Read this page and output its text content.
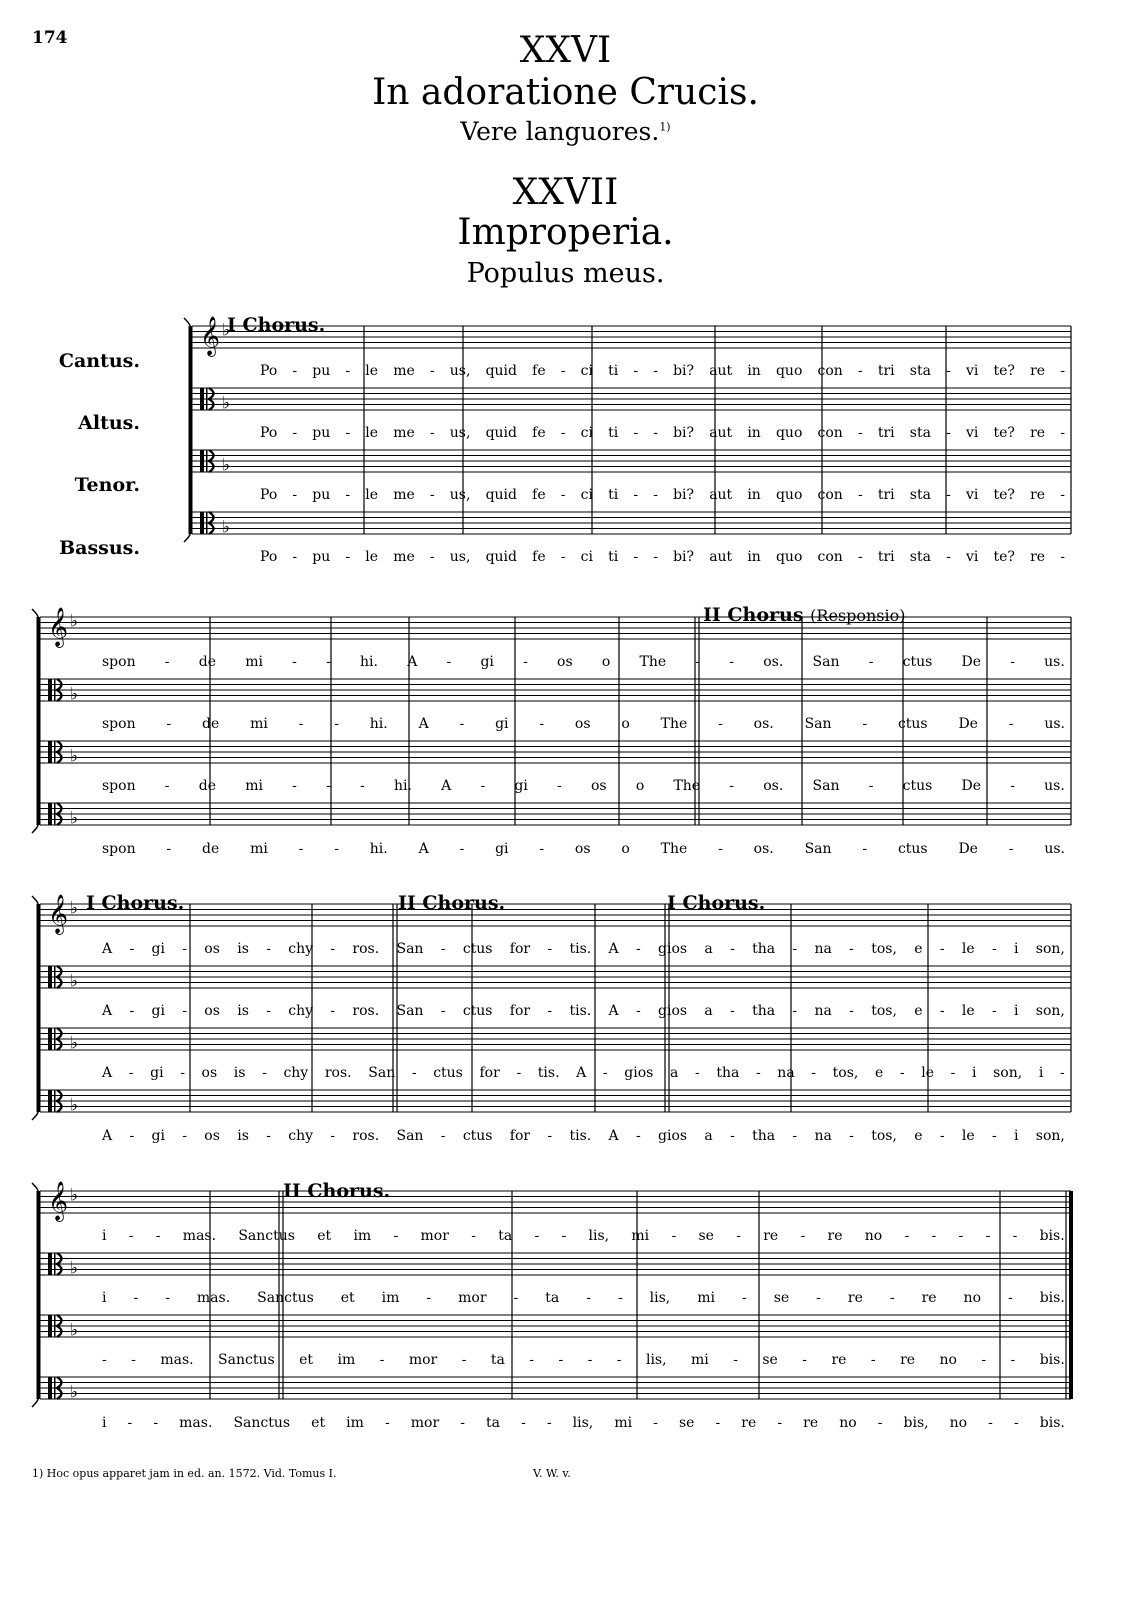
174	XXVI
In adoratione Crucis.
Vere languores.$^{1)}$
XXVII
Improperia.
Populus meus.
Cantus.
Altus.
Tenor.
Bassus.
I Chorus.
II Chorus (Responsio)
I Chorus.	II Chorus.	I Chorus.
II Chorus.
𝄞 ♭
♭
♭
♭
𝄞 ♭
♭
♭
♭
𝄞 ♭
♭
♭
♭
𝄞 ♭
♭
♭
♭
Po - pu - le me - us, quid fe - ci ti - - bi? aut in quo con - tri sta - vi te? re -
Po - pu - le me - us, quid fe - ci ti - - bi? aut in quo con - tri sta - vi te? re -
Po - pu - le me - us, quid fe - ci ti - - bi? aut in quo con - tri sta - vi te? re -
Po - pu - le me - us, quid fe - ci ti - - bi? aut in quo con - tri sta - vi te? re -
spon - de mi - - hi. A - gi - os o The - - os. San - ctus De - us.
spon - de mi - - hi. A - gi - os o The - os. San - ctus De - us.
spon - de mi - - - hi. A - gi - os o The - os. San - ctus De - us.
spon - de mi - - hi. A - gi - os o The - os. San - ctus De - us.
A - gi - os is - chy - ros. San - ctus for - tis. A - gios a - tha - na - tos, e - le - i son,
A - gi - os is - chy - ros. San - ctus for - tis. A - gios a - tha - na - tos, e - le - i son,
A - gi - os is - chy ros. San - ctus for - tis. A - gios a - tha - na - tos, e - le - i son, i -
A - gi - os is - chy - ros. San - ctus for - tis. A - gios a - tha - na - tos, e - le - i son,
i - - mas. Sanctus et im - mor - ta - - lis, mi - se - re - re no - - - - - bis.
i - - mas. Sanctus et im - mor - ta - - lis, mi - se - re - re no - bis.
- - mas. Sanctus et im - mor - ta - - - - lis, mi - se - re - re no - - bis.
i - - mas. Sanctus et im - mor - ta - - lis, mi - se - re - re no - bis, no - - bis.
1) Hoc opus apparet jam in ed. an. 1572. Vid. Tomus I.	V. W. v.
